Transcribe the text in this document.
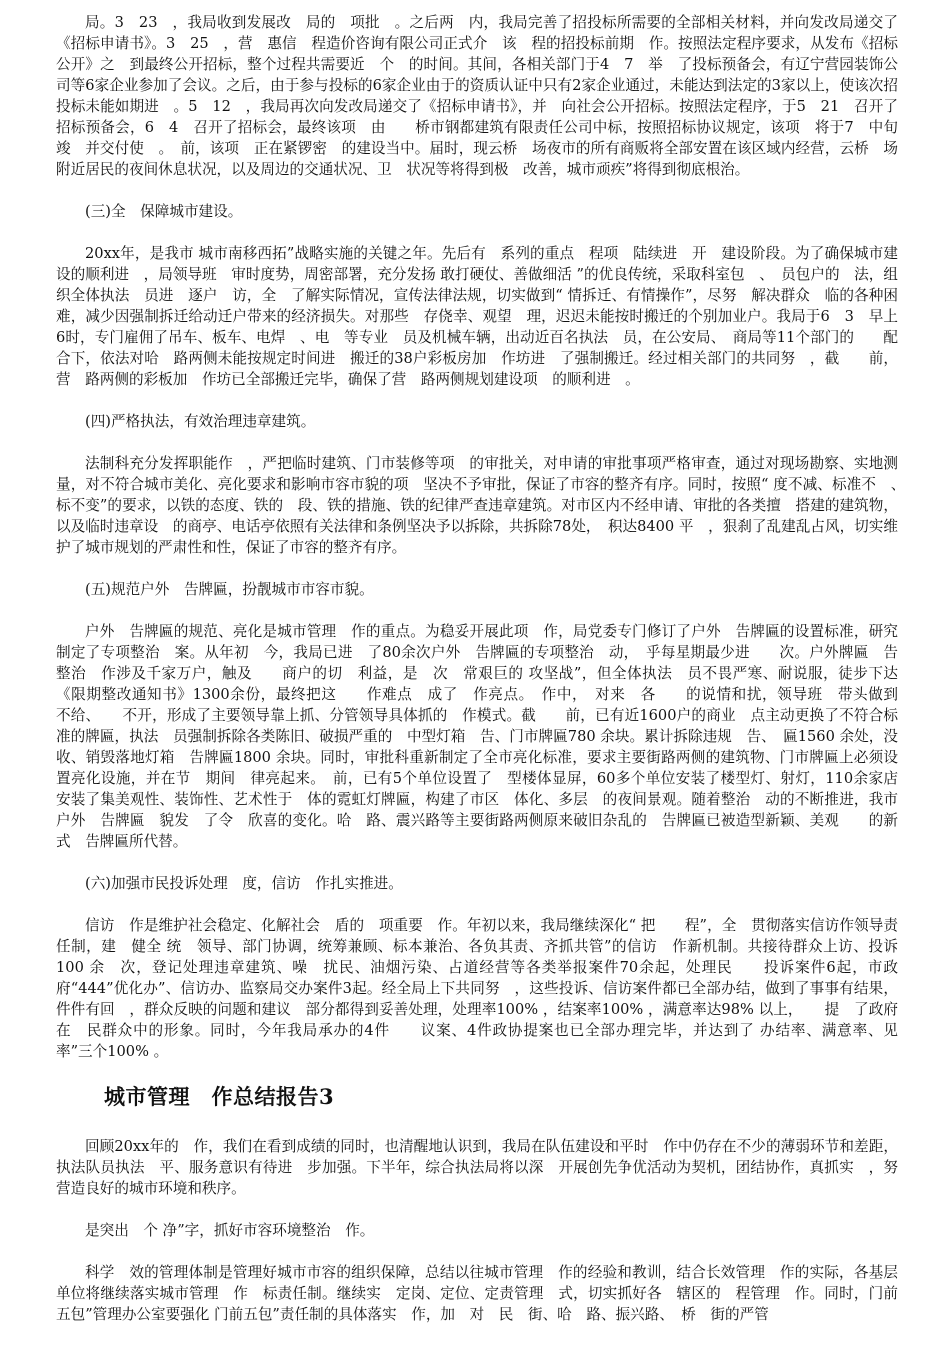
局。3　23　，我局收到发展改　局的　项批　。之后两　内，我局完善了招投标所需要的全部相关材料，并向发改局递交了《招标申请书》。3　25　，营　惠信　程造价咨询有限公司正式介　该　程的招投标前期　作。按照法定程序要求，从发布《招标公开》之　到最终公开招标，整个过程共需要近　个　的时间。其间，各相关部门于4　7　举　了投标预备会，有辽宁营园装饰公司等6家企业参加了会议。之后，由于参与投标的6家企业由于的资质认证中只有2家企业通过，未能达到法定的3家以上，使该次招投标未能如期进　。5　12　，我局再次向发改局递交了《招标申请书》，并　向社会公开招标。按照法定程序，于5　21　召开了招标预备会，6　4　召开了招标会，最终该项　由　　桥市钢都建筑有限责任公司中标，按照招标协议规定，该项　将于7　中旬竣　并交付使　。　前，该项　正在紧锣密　的建设当中。届时，现云桥　场夜市的所有商贩将全部安置在该区域内经营，云桥　场附近居民的夜间休息状况，以及周边的交通状况、卫　状况等将得到极　改善，城市顽疾”将得到彻底根治。

(三)全　保障城市建设。

20xx年，是我市 城市南移西拓”战略实施的关键之年。先后有　系列的重点　程项　陆续进　开　建设阶段。为了确保城市建设的顺利进　，局领导班　审时度势，周密部署，充分发扬 敢打硬仗、善做细活 ”的优良传统，采取科室包　、　员包户的　法，组织全体执法　员进　逐户　访，全　了解实际情况，宣传法律法规，切实做到“ 情拆迁、有情操作”，尽努　解决群众　临的各种困难，减少因强制拆迁给动迁户带来的经济损失。对那些　存侥幸、观望　理，迟迟未能按时搬迁的个别加业户。我局于6　3　早上6时，专门雇佣了吊车、板车、电焊　、电　等专业　员及机械车辆，出动近百名执法　员，在公安局、　商局等11个部门的　　配合下，依法对哈　路两侧未能按规定时间进　搬迁的38户彩板房加　作坊进　了强制搬迁。经过相关部门的共同努　，截　　前，营　路两侧的彩板加　作坊已全部搬迁完毕，确保了营　路两侧规划建设项　的顺利进　。

(四)严格执法，有效治理违章建筑。

法制科充分发挥职能作　，严把临时建筑、门市装修等项　的审批关，对申请的审批事项严格审查，通过对现场勘察、实地测量，对不符合城市美化、亮化要求和影响市容市貌的项　坚决不予审批，保证了市容的整齐有序。同时，按照“ 度不减、标准不　、　标不变”的要求，以铁的态度、铁的　段、铁的措施、铁的纪律严查违章建筑。对市区内不经申请、审批的各类擅　搭建的建筑物，以及临时违章设　的商亭、电话亭依照有关法律和条例坚决予以拆除，共拆除78处，　积达8400 平　，狠刹了乱建乱占风，切实维护了城市规划的严肃性和性，保证了市容的整齐有序。

(五)规范户外　告牌匾，扮靓城市市容市貌。

户外　告牌匾的规范、亮化是城市管理　作的重点。为稳妥开展此项　作，局党委专门修订了户外　告牌匾的设置标准，研究制定了专项整治　案。从年初　今，我局已进　了80余次户外　告牌匾的专项整治　动，　乎每星期最少进　　次。户外牌匾　告整治　作涉及千家万户，触及　　商户的切　利益，是　次　常艰巨的 攻坚战”，但全体执法　员不畏严寒、耐说服，徒步下达《限期整改通知书》1300余份，最终把这　　作难点　成了　作亮点。　作中，　对来　各　　的说情和扰，领导班　带头做到　　不给、　　不开，形成了主要领导靠上抓、分管领导具体抓的　作模式。截　　前，已有近1600户的商业　点主动更换了不符合标准的牌匾，执法　员强制拆除各类陈旧、破损严重的　中型灯箱　告、门市牌匾780 余块。累计拆除违规　告、　匾1560 余处，没收、销毁落地灯箱　告牌匾1800 余块。同时，审批科重新制定了全市亮化标准，要求主要街路两侧的建筑物、门市牌匾上必须设置亮化设施，并在节　期间　律亮起来。　前，已有5个单位设置了　型楼体显屏，60多个单位安装了楼型灯、射灯，110余家店　安装了集美观性、装饰性、艺术性于　体的霓虹灯牌匾，构建了市区　体化、多层　的夜间景观。随着整治　动的不断推进，我市户外　告牌匾　貌发　了令　欣喜的变化。哈　路、震兴路等主要街路两侧原来破旧杂乱的　告牌匾已被造型新颖、美观　　的新式　告牌匾所代替。

(六)加强市民投诉处理　度，信访　作扎实推进。

信访　作是维护社会稳定、化解社会　盾的　项重要　作。年初以来，我局继续深化“ 把　　程”，全　贯彻落实信访作领导责任制，建　健全 统　领导、部门协调，统筹兼顾、标本兼治、各负其责、齐抓共管”的信访　作新机制。共接待群众上访、投诉100 余　次，登记处理违章建筑、噪　扰民、油烟污染、占道经营等各类举报案件70余起，处理民　　投诉案件6起，市政府“444”优化办”、信访办、监察局交办案件3起。经全局上下共同努　，这些投诉、信访案件都已全部办结，做到了事事有结果，件件有回　，群众反映的问题和建议　部分都得到妥善处理，处理率100% ，结案率100% ，满意率达98% 以上，　　提　了政府在　民群众中的形象。同时，今年我局承办的4件　　议案、4件政协提案也已全部办理完毕，并达到了 办结率、满意率、见　率”三个100% 。

城市管理　作总结报告3

回顾20xx年的　作，我们在看到成绩的同时，也清醒地认识到，我局在队伍建设和平时　作中仍存在不少的薄弱环节和差距，执法队员执法　平、服务意识有待进　步加强。下半年，综合执法局将以深　开展创先争优活动为契机，团结协作，真抓实　，努　营造良好的城市环境和秩序。

是突出　个 净”字，抓好市容环境整治　作。

科学　效的管理体制是管理好城市市容的组织保障，总结以往城市管理　作的经验和教训，结合长效管理　作的实际，各基层单位将继续落实城市管理　作　标责任制。继续实　定岗、定位、定责管理　式，切实抓好各　辖区的　程管理　作。同时，门前五包”管理办公室要强化 门前五包”责任制的具体落实　作，加　对　民　街、哈　路、振兴路、　桥　街的严管
